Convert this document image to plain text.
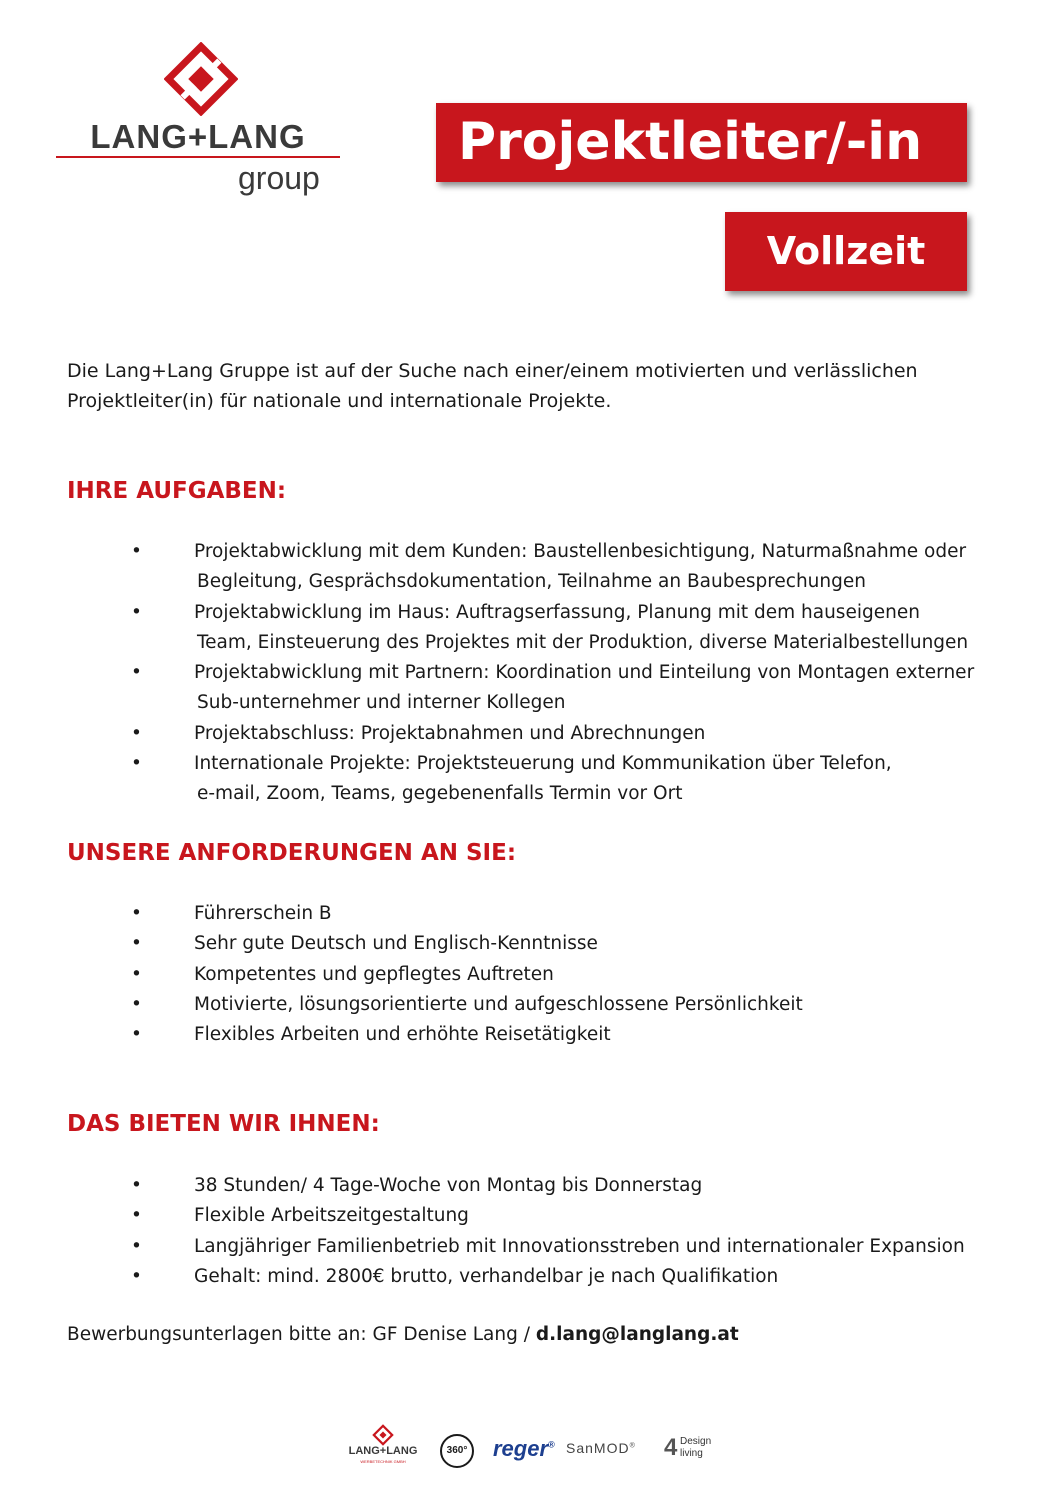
LANG+LANG
group
Projektleiter/-in
Vollzeit

Die Lang+Lang Gruppe ist auf der Suche nach einer/einem motivierten und verlässlichen Projektleiter(in) für nationale und internationale Projekte.

IHRE AUFGABEN:
•	Projektabwicklung mit dem Kunden: Baustellenbesichtigung, Naturmaßnahme oder
Begleitung, Gesprächsdokumentation, Teilnahme an Baubesprechungen
•	Projektabwicklung im Haus: Auftragserfassung, Planung mit dem hauseigenen
Team, Einsteuerung des Projektes mit der Produktion, diverse Materialbestellungen
•	Projektabwicklung mit Partnern: Koordination und Einteilung von Montagen externer
Sub-unternehmer und interner Kollegen
•	Projektabschluss: Projektabnahmen und Abrechnungen
•	Internationale Projekte: Projektsteuerung und Kommunikation über Telefon,
e-mail, Zoom, Teams, gegebenenfalls Termin vor Ort
UNSERE ANFORDERUNGEN AN SIE:
•	Führerschein B
•	Sehr gute Deutsch und Englisch-Kenntnisse
•	Kompetentes und gepflegtes Auftreten
•	Motivierte, lösungsorientierte und aufgeschlossene Persönlichkeit
•	Flexibles Arbeiten und erhöhte Reisetätigkeit
DAS BIETEN WIR IHNEN:
•	38 Stunden/ 4 Tage-Woche von Montag bis Donnerstag
•	Flexible Arbeitszeitgestaltung
•	Langjähriger Familienbetrieb mit Innovationsstreben und internationaler Expansion
•	Gehalt: mind. 2800€ brutto, verhandelbar je nach Qualifikation

Bewerbungsunterlagen bitte an: GF Denise Lang / d.lang@langlang.at

LANG+LANG
WERBETECHNIK GMBH
360°	reger® SanMOD® 4 Design
living
